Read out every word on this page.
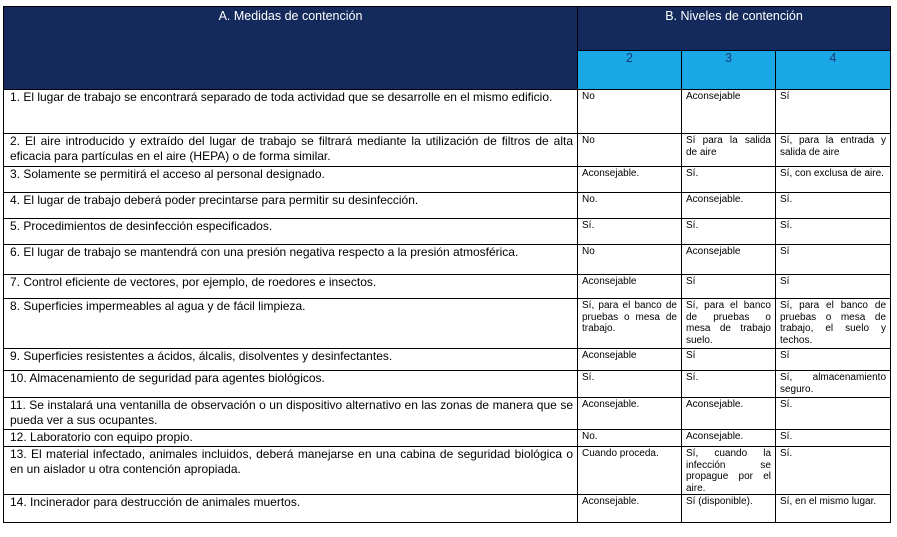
A. Medidas de contención	B. Niveles de contención		
	2	3	4
1. El lugar de trabajo se encontrará separado de toda actividad que se desarrolle en el mismo edificio.	No	Aconsejable	Sí
2. El aire introducido y extraído del lugar de trabajo se filtrará mediante la utilización de filtros de alta eficacia para partículas en el aire (HEPA) o de forma similar.	No	Sí para la salida de aire	Sí, para la entrada y salida de aire
3. Solamente se permitirá el acceso al personal designado.	Aconsejable.	Sí.	Sí, con exclusa de aire.
4. El lugar de trabajo deberá poder precintarse para permitir su desinfección.	No.	Aconsejable.	Sí.
5. Procedimientos de desinfección especificados.	Sí.	Sí.	Sí.
6. El lugar de trabajo se mantendrá con una presión negativa respecto a la presión atmosférica.	No	Aconsejable	Sí
7. Control eficiente de vectores, por ejemplo, de roedores e insectos.	Aconsejable	Sí	Sí
8. Superficies impermeables al agua y de fácil limpieza.	Sí, para el banco de pruebas o mesa de trabajo.	Sí, para el banco de pruebas o mesa de trabajo suelo.	Sí, para el banco de pruebas o mesa de trabajo, el suelo y techos.
9. Superficies resistentes a ácidos, álcalis, disolventes y desinfectantes.	Aconsejable	Sí	Sí
10. Almacenamiento de seguridad para agentes biológicos.	Sí.	Sí.	Sí, almacenamiento seguro.
11. Se instalará una ventanilla de observación o un dispositivo alternativo en las zonas de manera que se pueda ver a sus ocupantes.	Aconsejable.	Aconsejable.	Sí.
12. Laboratorio con equipo propio.	No.	Aconsejable.	Sí.
13. El material infectado, animales incluidos, deberá manejarse en una cabina de seguridad biológica o en un aislador u otra contención apropiada.	Cuando proceda.	Sí, cuando la infección se propague por el aire.	Sí.
14. Incinerador para destrucción de animales muertos.	Aconsejable.	Sí (disponible).	Sí, en el mismo lugar.
